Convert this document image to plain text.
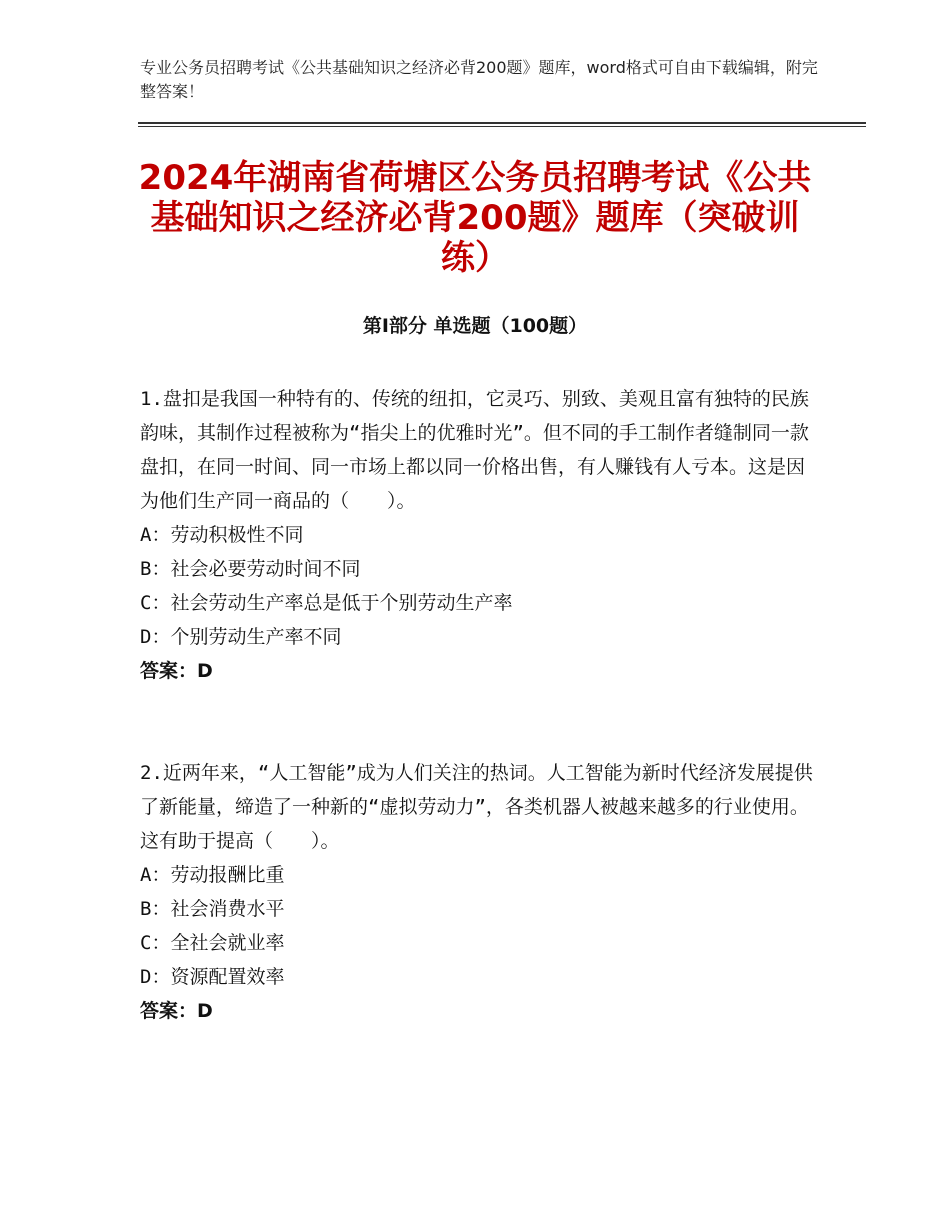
专业公务员招聘考试《公共基础知识之经济必背200题》题库，word格式可自由下载编辑，附完整答案！
2024年湖南省荷塘区公务员招聘考试《公共基础知识之经济必背200题》题库（突破训练）
第Ⅰ部分 单选题（100题）

1.盘扣是我国一种特有的、传统的纽扣，它灵巧、别致、美观且富有独特的民族韵味，其制作过程被称为“指尖上的优雅时光”。但不同的手工制作者缝制同一款盘扣，在同一时间、同一市场上都以同一价格出售，有人赚钱有人亏本。这是因为他们生产同一商品的（　　）。

A：劳动积极性不同

B：社会必要劳动时间不同

C：社会劳动生产率总是低于个别劳动生产率

D：个别劳动生产率不同

答案：D

2.近两年来，“人工智能”成为人们关注的热词。人工智能为新时代经济发展提供了新能量，缔造了一种新的“虚拟劳动力”，各类机器人被越来越多的行业使用。这有助于提高（　　）。

A：劳动报酬比重

B：社会消费水平

C：全社会就业率

D：资源配置效率

答案：D
